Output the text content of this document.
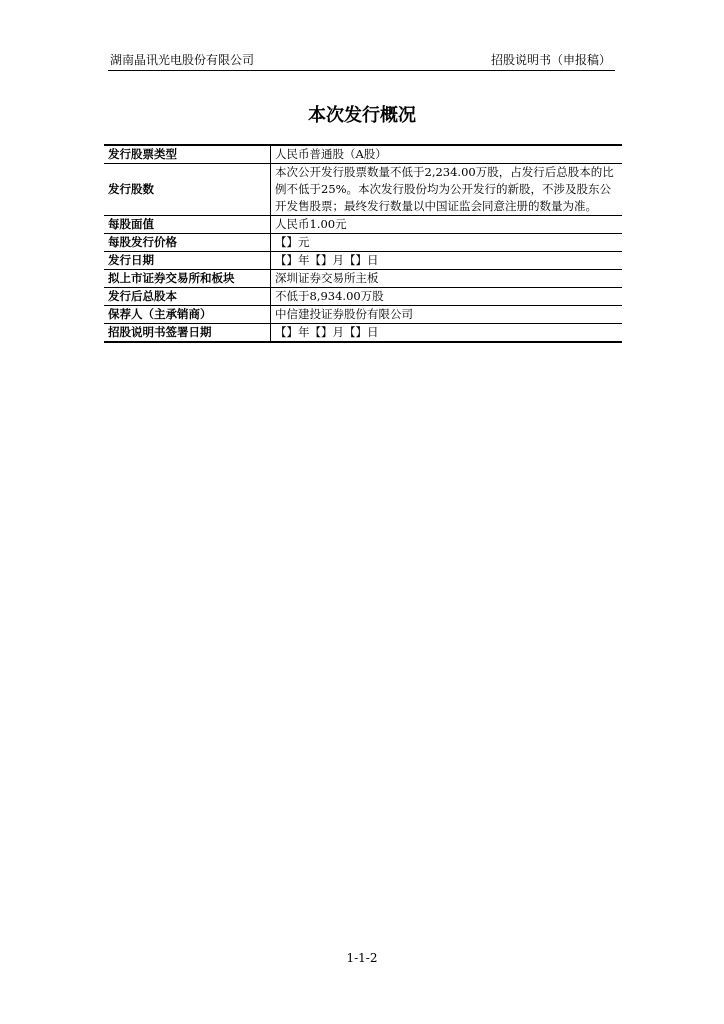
湖南晶讯光电股份有限公司	招股说明书（申报稿）
本次发行概况
发行股票类型	人民币普通股（A股）
发行股数	本次公开发行股票数量不低于2,234.00万股，占发行后总股本的比例不低于25%。本次发行股份均为公开发行的新股，不涉及股东公开发售股票；最终发行数量以中国证监会同意注册的数量为准。
每股面值	人民币1.00元
每股发行价格	【】元
发行日期	【】年【】月【】日
拟上市证券交易所和板块	深圳证券交易所主板
发行后总股本	不低于8,934.00万股
保荐人（主承销商）	中信建投证券股份有限公司
招股说明书签署日期	【】年【】月【】日
1-1-2
